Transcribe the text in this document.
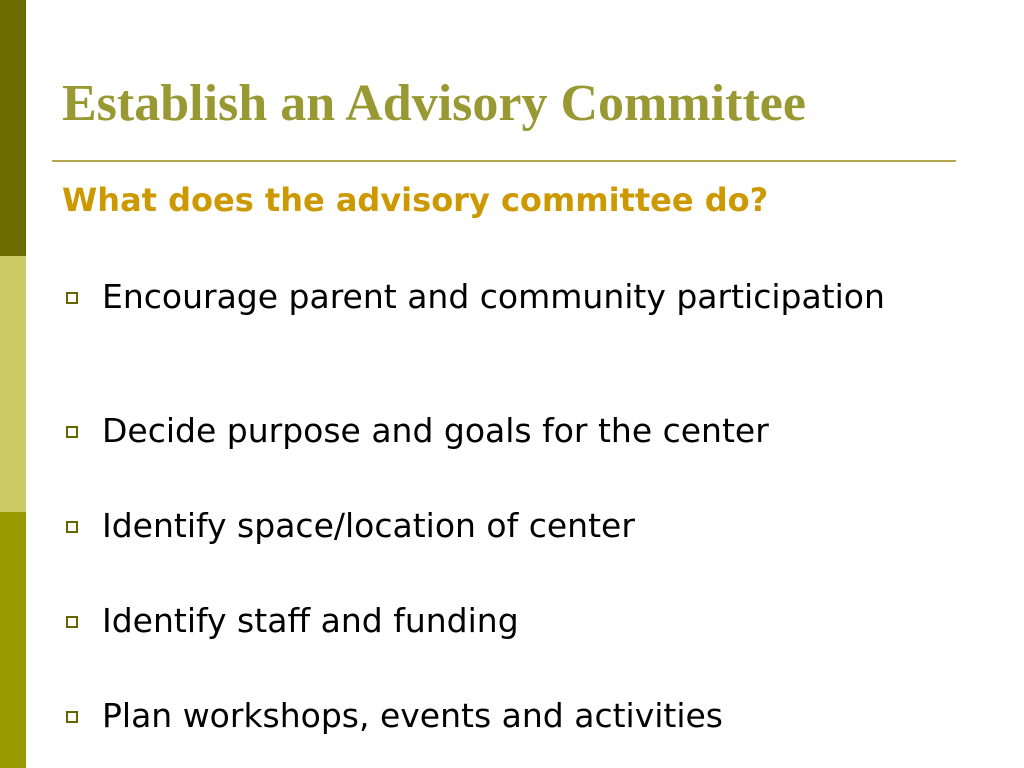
Establish an Advisory Committee
What does the advisory committee do?
Encourage parent and community participation
Decide purpose and goals for the center
Identify space/location of center
Identify staff and funding
Plan workshops, events and activities
